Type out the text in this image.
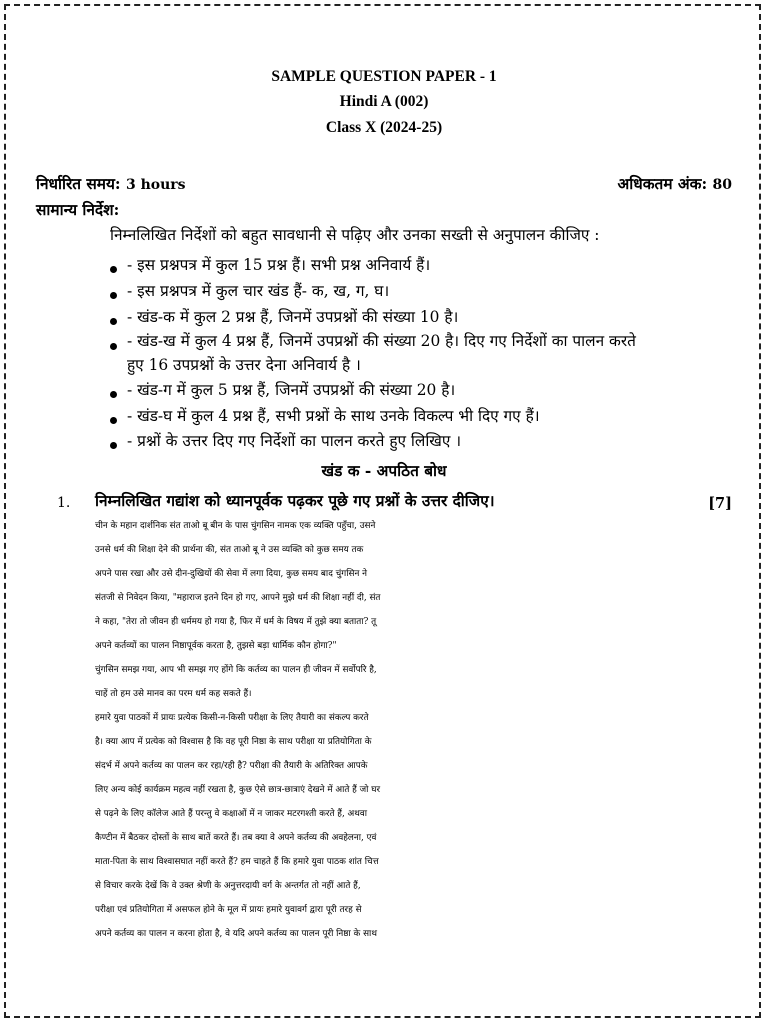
SAMPLE QUESTION PAPER - 1
Hindi A (002)
Class X (2024-25)
निर्धारित समय: 3 hours	अधिकतम अंक: 80
सामान्य निर्देश:
निम्नलिखित निर्देशों को बहुत सावधानी से पढ़िए और उनका सख्ती से अनुपालन कीजिए :
- इस प्रश्नपत्र में कुल 15 प्रश्न हैं। सभी प्रश्न अनिवार्य हैं।
- इस प्रश्नपत्र में कुल चार खंड हैं- क, ख, ग, घ।
- खंड-क में कुल 2 प्रश्न हैं, जिनमें उपप्रश्नों की संख्या 10 है।
- खंड-ख में कुल 4 प्रश्न हैं, जिनमें उपप्रश्नों की संख्या 20 है। दिए गए निर्देशों का पालन करते
हुए 16 उपप्रश्नों के उत्तर देना अनिवार्य है ।
- खंड-ग में कुल 5 प्रश्न हैं, जिनमें उपप्रश्नों की संख्या 20 है।
- खंड-घ में कुल 4 प्रश्न हैं, सभी प्रश्नों के साथ उनके विकल्प भी दिए गए हैं।
- प्रश्नों के उत्तर दिए गए निर्देशों का पालन करते हुए लिखिए ।
खंड क - अपठित बोध
1. निम्नलिखित गद्यांश को ध्यानपूर्वक पढ़कर पूछे गए प्रश्नों के उत्तर दीजिए।	[7]
चीन के महान दार्शनिक संत ताओ बू बीन के पास चुंगसिन नामक एक व्यक्ति पहुँचा, उसने
उनसे धर्म की शिक्षा देने की प्रार्थना की, संत ताओ बू ने उस व्यक्ति को कुछ समय तक
अपने पास रखा और उसे दीन-दुखियों की सेवा में लगा दिया, कुछ समय बाद चुंगसिन ने
संतजी से निवेदन किया, "महाराज इतने दिन हो गए, आपने मुझे धर्म की शिक्षा नहीं दी, संत
ने कहा, "तेरा तो जीवन ही धर्ममय हो गया है, फिर में धर्म के विषय में तुझे क्या बताता? तू
अपने कर्तव्यों का पालन निष्ठापूर्वक करता है, तुझसे बड़ा धार्मिक कौन होगा?"
चुंगसिन समझ गया, आप भी समझ गए होंगे कि कर्तव्य का पालन ही जीवन में सर्वोपरि है,
चाहें तो हम उसे मानव का परम धर्म कह सकते हैं।
हमारे युवा पाठकों में प्रायः प्रत्येक किसी-न-किसी परीक्षा के लिए तैयारी का संकल्प करते
है। क्या आप में प्रत्येक को विश्वास है कि वह पूरी निष्ठा के साथ परीक्षा या प्रतियोगिता के
संदर्भ में अपने कर्तव्य का पालन कर रहा/रही है? परीक्षा की तैयारी के अतिरिक्त आपके
लिए अन्य कोई कार्यक्रम महत्व नहीं रखता है, कुछ ऐसे छात्र-छात्राएं देखने में आते हैं जो घर
से पढ़ने के लिए कॉलेज आते हैं परन्तु वे कक्षाओं में न जाकर मटरगश्ती करते हैं, अथवा
कैण्टीन में बैठकर दोस्तों के साथ बातें करते हैं। तब क्या वे अपने कर्तव्य की अवहेलना, एवं
माता-पिता के साथ विश्वासघात नहीं करते हैं? हम चाहते हैं कि हमारे युवा पाठक शांत चित्त
से विचार करके देखें कि वे उक्त श्रेणी के अनुत्तरदायी वर्ग के अन्तर्गत तो नहीं आते हैं,
परीक्षा एवं प्रतियोगिता में असफल होने के मूल में प्रायः हमारे युवावर्ग द्वारा पूरी तरह से
अपने कर्तव्य का पालन न करना होता है, वे यदि अपने कर्तव्य का पालन पूरी निष्ठा के साथ
